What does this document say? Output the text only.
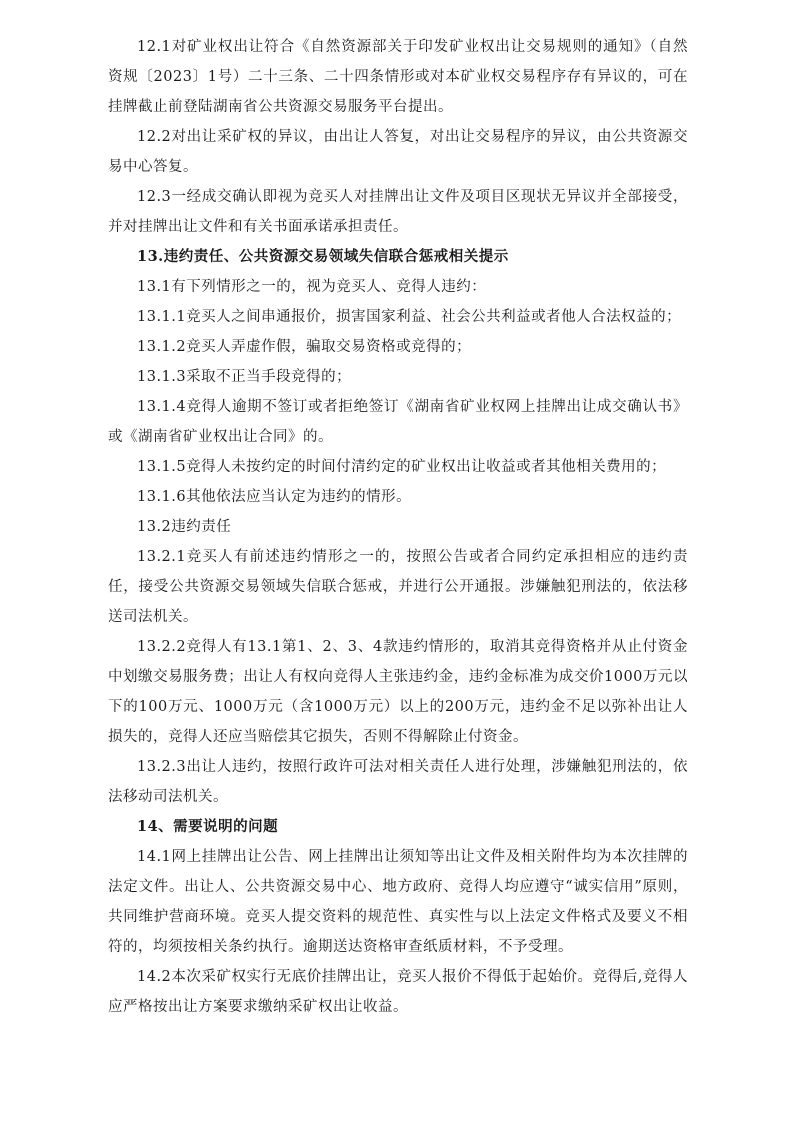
12.1对矿业权出让符合《自然资源部关于印发矿业权出让交易规则的通知》（自然资规〔2023〕1号）二十三条、二十四条情形或对本矿业权交易程序存有异议的，可在挂牌截止前登陆湖南省公共资源交易服务平台提出。

12.2对出让采矿权的异议，由出让人答复，对出让交易程序的异议，由公共资源交易中心答复。

12.3一经成交确认即视为竞买人对挂牌出让文件及项目区现状无异议并全部接受，并对挂牌出让文件和有关书面承诺承担责任。

13.违约责任、公共资源交易领域失信联合惩戒相关提示

13.1有下列情形之一的，视为竞买人、竞得人违约：

13.1.1竞买人之间串通报价，损害国家利益、社会公共利益或者他人合法权益的；

13.1.2竞买人弄虚作假，骗取交易资格或竞得的；

13.1.3采取不正当手段竞得的；

13.1.4竞得人逾期不签订或者拒绝签订《湖南省矿业权网上挂牌出让成交确认书》或《湖南省矿业权出让合同》的。

13.1.5竞得人未按约定的时间付清约定的矿业权出让收益或者其他相关费用的；

13.1.6其他依法应当认定为违约的情形。

13.2违约责任

13.2.1竞买人有前述违约情形之一的，按照公告或者合同约定承担相应的违约责任，接受公共资源交易领域失信联合惩戒，并进行公开通报。涉嫌触犯刑法的，依法移送司法机关。

13.2.2竞得人有13.1第1、2、3、4款违约情形的，取消其竞得资格并从止付资金中划缴交易服务费；出让人有权向竞得人主张违约金，违约金标准为成交价1000万元以下的100万元、1000万元（含1000万元）以上的200万元，违约金不足以弥补出让人损失的，竞得人还应当赔偿其它损失，否则不得解除止付资金。

13.2.3出让人违约，按照行政许可法对相关责任人进行处理，涉嫌触犯刑法的，依法移动司法机关。

14、需要说明的问题

14.1网上挂牌出让公告、网上挂牌出让须知等出让文件及相关附件均为本次挂牌的法定文件。出让人、公共资源交易中心、地方政府、竞得人均应遵守“诚实信用”原则，共同维护营商环境。竞买人提交资料的规范性、真实性与以上法定文件格式及要义不相符的，均须按相关条约执行。逾期送达资格审查纸质材料，不予受理。

14.2本次采矿权实行无底价挂牌出让，竞买人报价不得低于起始价。竞得后,竞得人应严格按出让方案要求缴纳采矿权出让收益。
